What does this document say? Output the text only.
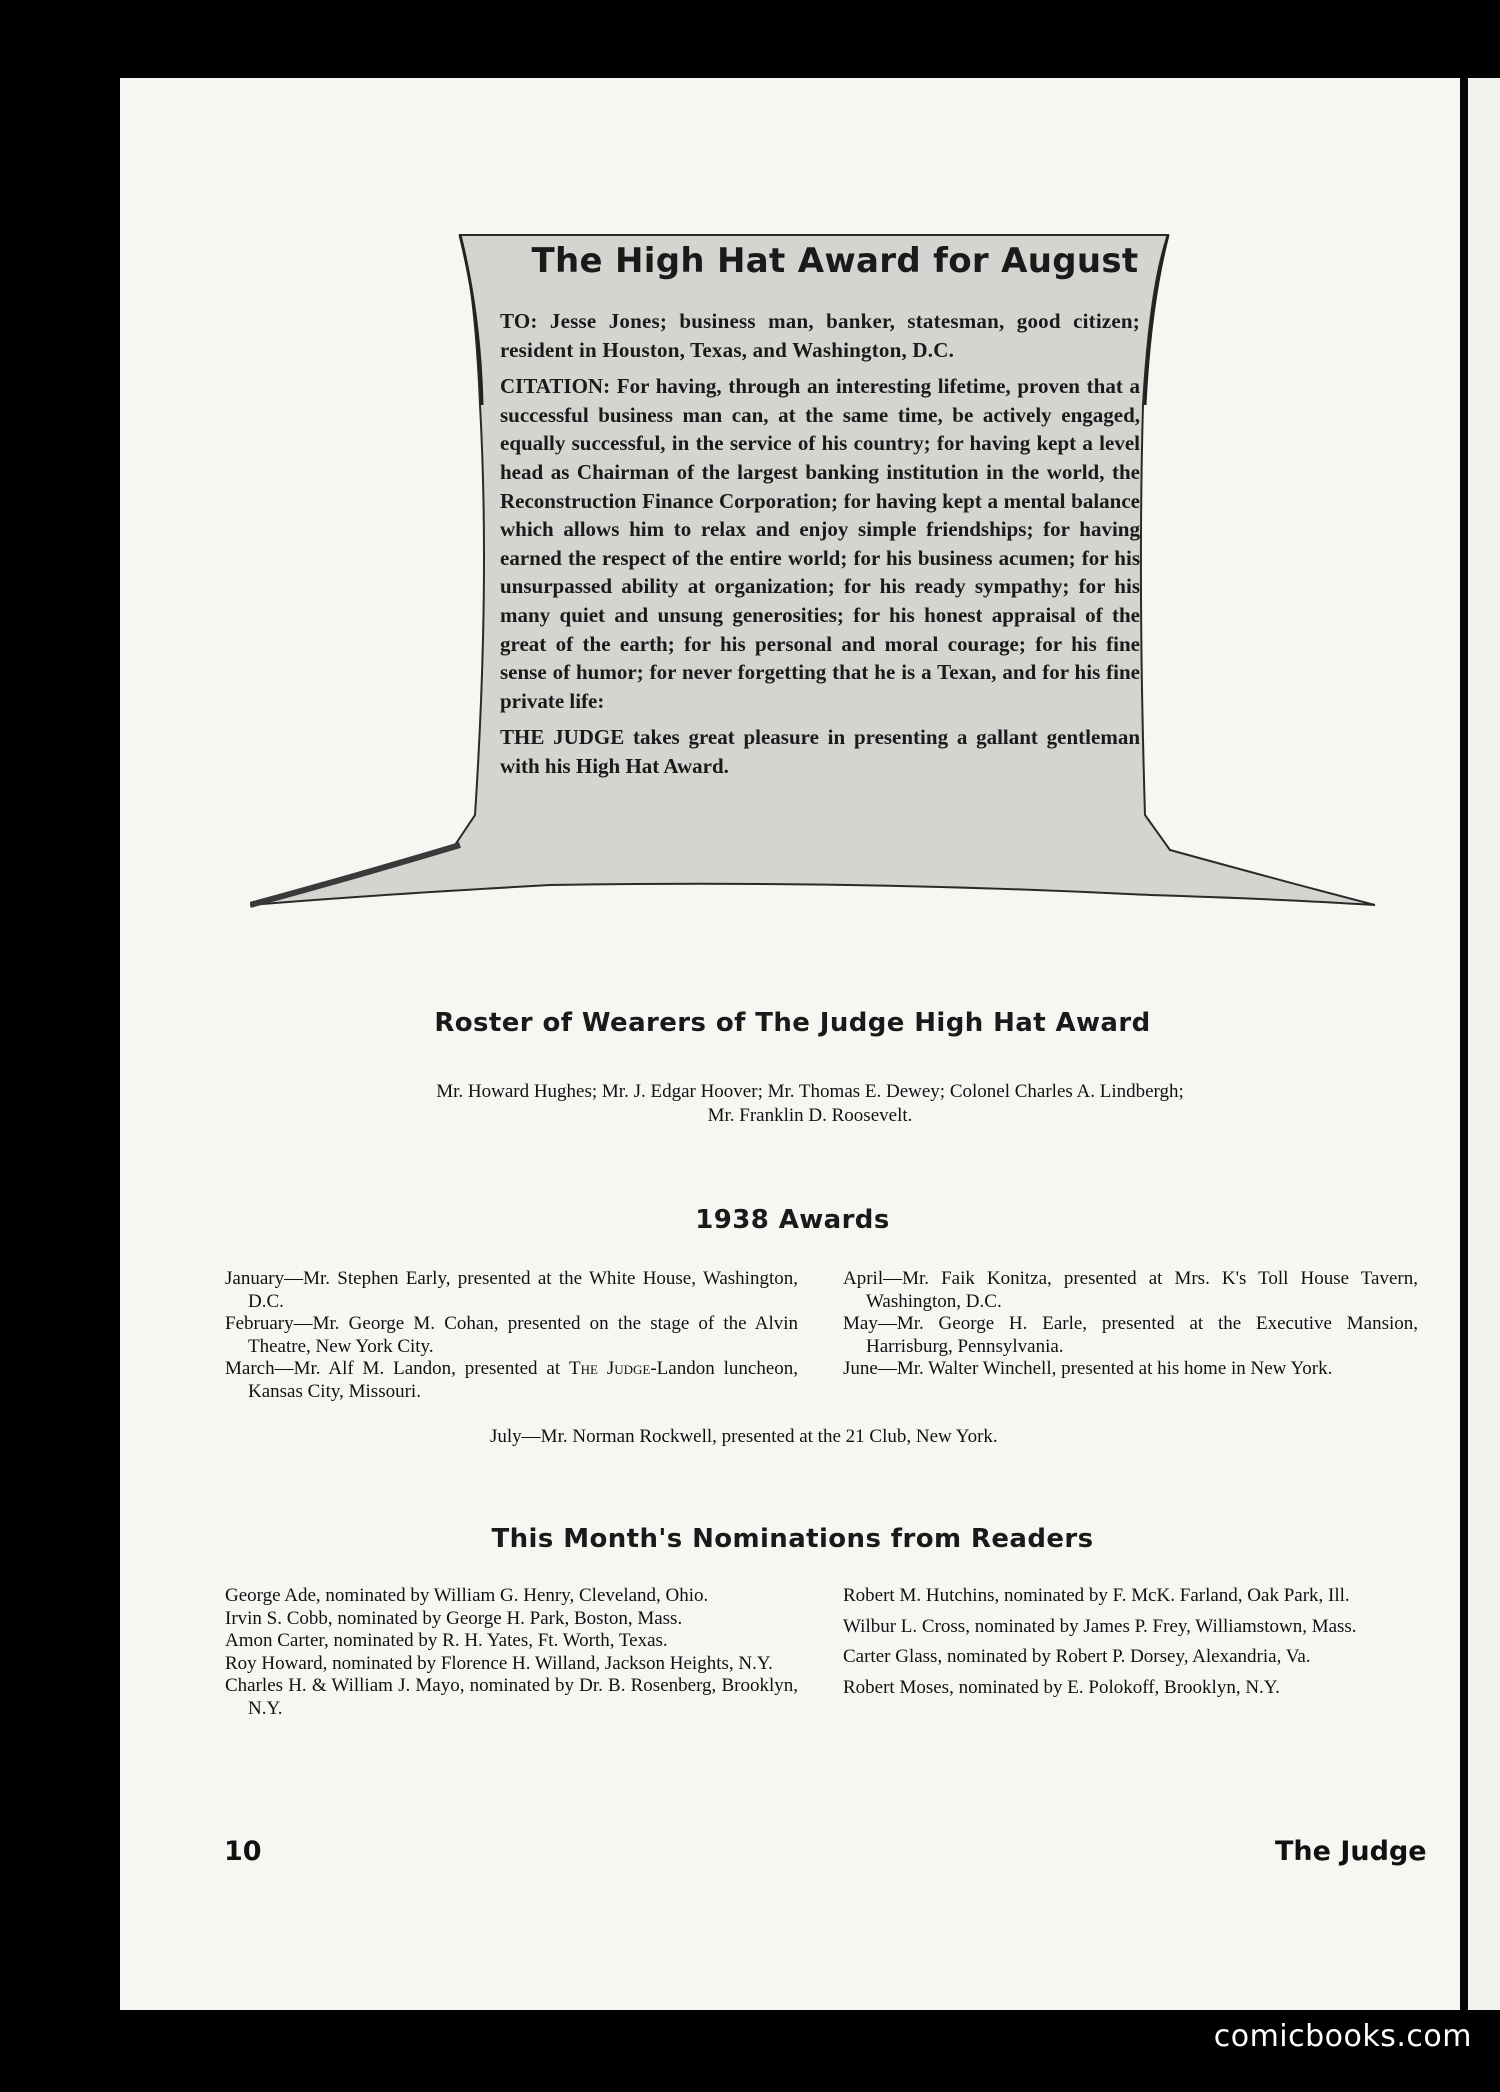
The High Hat Award for August

TO: Jesse Jones; business man, banker, statesman, good citizen; resident in Houston, Texas, and Washington, D.C.

CITATION: For having, through an interesting lifetime, proven that a successful business man can, at the same time, be actively engaged, equally successful, in the service of his country; for having kept a level head as Chairman of the largest banking institution in the world, the Reconstruction Finance Corporation; for having kept a mental balance which allows him to relax and enjoy simple friendships; for having earned the respect of the entire world; for his business acumen; for his unsurpassed ability at organization; for his ready sympathy; for his many quiet and unsung generosities; for his honest appraisal of the great of the earth; for his personal and moral courage; for his fine sense of humor; for never forgetting that he is a Texan, and for his fine private life:

THE JUDGE takes great pleasure in presenting a gallant gentleman with his High Hat Award.

Roster of Wearers of The Judge High Hat Award
Mr. Howard Hughes; Mr. J. Edgar Hoover; Mr. Thomas E. Dewey; Colonel Charles A. Lindbergh;
Mr. Franklin D. Roosevelt.
1938 Awards

January—Mr. Stephen Early, presented at the White House, Washington, D.C.

February—Mr. George M. Cohan, presented on the stage of the Alvin Theatre, New York City.

March—Mr. Alf M. Landon, presented at The Judge-Landon luncheon, Kansas City, Missouri.

April—Mr. Faik Konitza, presented at Mrs. K's Toll House Tavern, Washington, D.C.

May—Mr. George H. Earle, presented at the Executive Mansion, Harrisburg, Pennsylvania.

June—Mr. Walter Winchell, presented at his home in New York.

July—Mr. Norman Rockwell, presented at the 21 Club, New York.
This Month's Nominations from Readers

George Ade, nominated by William G. Henry, Cleveland, Ohio.

Irvin S. Cobb, nominated by George H. Park, Boston, Mass.

Amon Carter, nominated by R. H. Yates, Ft. Worth, Texas.

Roy Howard, nominated by Florence H. Willand, Jackson Heights, N.Y.

Charles H. & William J. Mayo, nominated by Dr. B. Rosenberg, Brooklyn, N.Y.

Robert M. Hutchins, nominated by F. McK. Farland, Oak Park, Ill.

Wilbur L. Cross, nominated by James P. Frey, Williamstown, Mass.

Carter Glass, nominated by Robert P. Dorsey, Alexandria, Va.

Robert Moses, nominated by E. Polokoff, Brooklyn, N.Y.

10	The Judge
comicbooks.com
